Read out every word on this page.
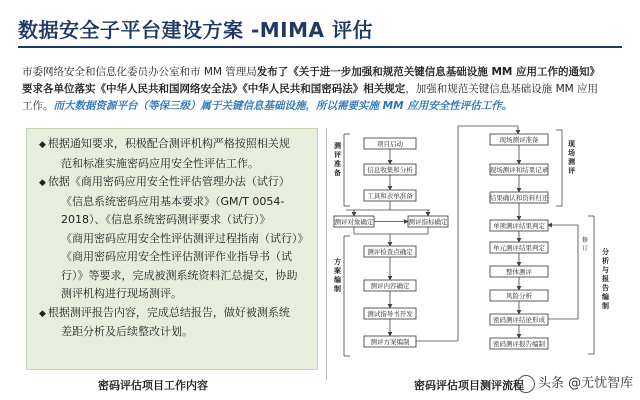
数据安全子平台建设方案 -MIMA 评估
市委网络安全和信息化委员办公室和市 MM 管理局发布了《关于进一步加强和规范关键信息基础设施 MM 应用工作的通知》
要求各单位落实《中华人民共和国网络安全法》《中华人民共和国密码法》相关规定，加强和规范关键信息基础设施 MM 应用
工作。而大数据资源平台（等保三级）属于关键信息基础设施，所以需要实施 MM 应用安全性评估工作。

◆ 根据通知要求，积极配合测评机构严格按照相关规
范和标准实施密码应用安全性评估工作。

◆ 依据《商用密码应用安全性评估管理办法（试行）
《信息系统密码应用基本要求》（GM/T 0054-
2018）、《信息系统密码测评要求（试行）》
《商用密码应用安全性评估测评过程指南（试行）》
《商用密码应用安全性评估测评作业指导书（试
行）》等要求，完成被测系统资料汇总提交，协助
测评机构进行现场测评。

◆ 根据测评报告内容，完成总结报告，做好被测系统
差距分析及后续整改计划。

密码评估项目工作内容
项目启动
信息收集和分析
工具和表单准备
测评对象确定	测评指标确定
测评检查点确定
测评内容确定
测试指导书开发
测评方案编制
现场测评准备
现场测评和结果记录
结果确认和资料归还
单项测评结果判定
单元测评结果判定
整体测评
风险分析
密码测评结论形成
密码测评报告编制
测评准备
方案编制
现场测评
修订 分析与报告编制
密码评估项目测评流程	头条 @无忧智库
